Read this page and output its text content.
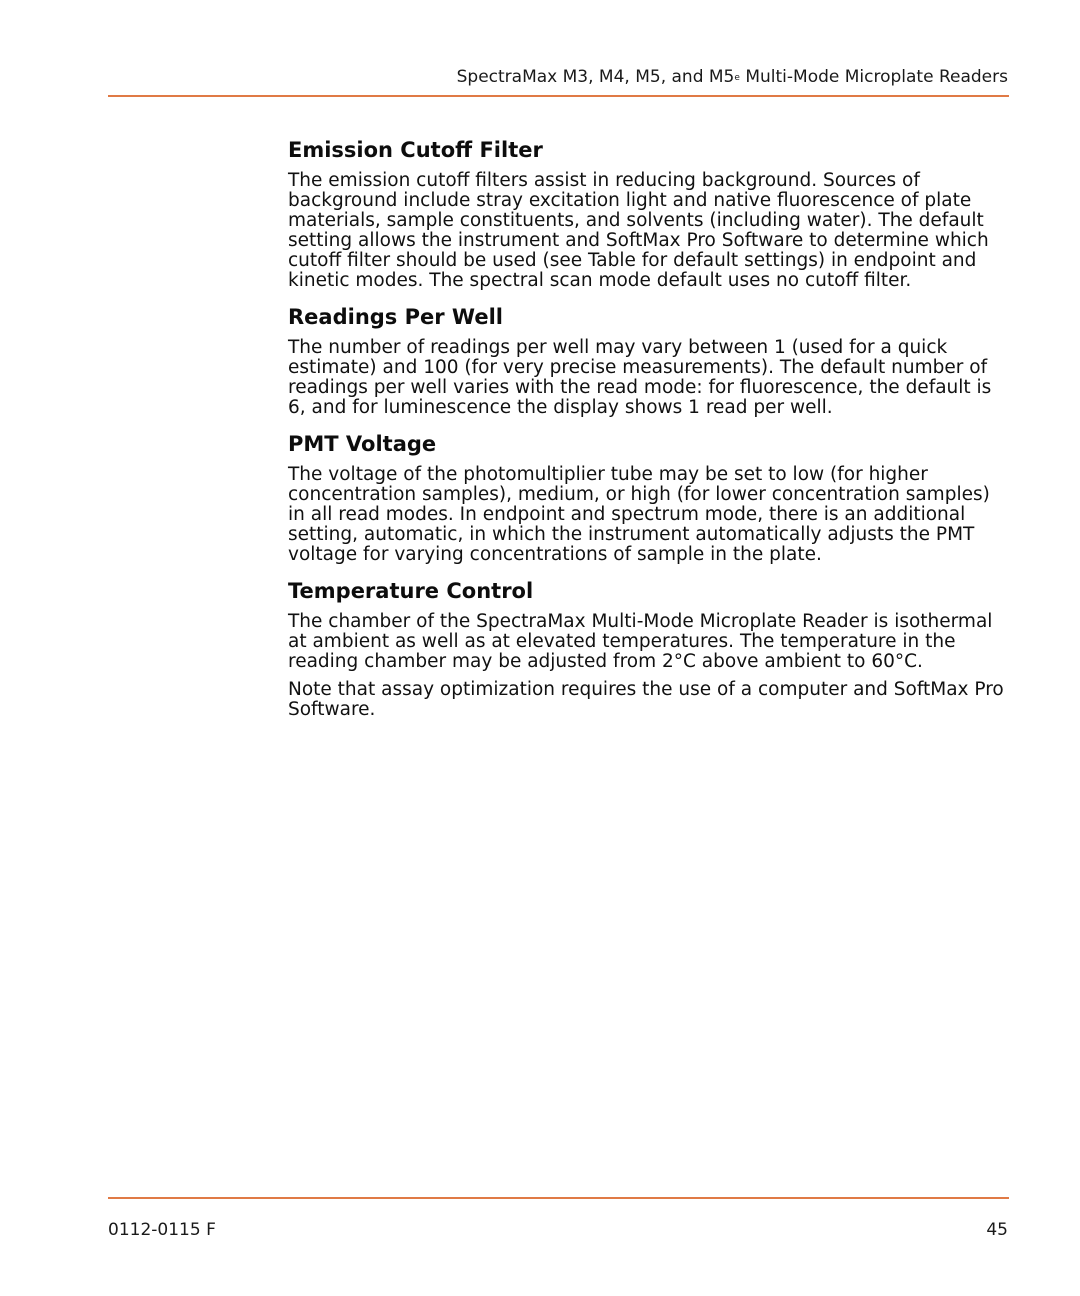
SpectraMax M3, M4, M5, and M5e Multi-Mode Microplate Readers
Emission Cutoff Filter

The emission cutoff filters assist in reducing background. Sources of background include stray excitation light and native fluorescence of plate materials, sample constituents, and solvents (including water). The default setting allows the instrument and SoftMax Pro Software to determine which cutoff filter should be used (see Table for default settings) in endpoint and kinetic modes. The spectral scan mode default uses no cutoff filter.

Readings Per Well

The number of readings per well may vary between 1 (used for a quick estimate) and 100 (for very precise measurements). The default number of readings per well varies with the read mode: for fluorescence, the default is 6, and for luminescence the display shows 1 read per well.

PMT Voltage

The voltage of the photomultiplier tube may be set to low (for higher concentration samples), medium, or high (for lower concentration samples) in all read modes. In endpoint and spectrum mode, there is an additional setting, automatic, in which the instrument automatically adjusts the PMT voltage for varying concentrations of sample in the plate.

Temperature Control

The chamber of the SpectraMax Multi-Mode Microplate Reader is isothermal at ambient as well as at elevated temperatures. The temperature in the reading chamber may be adjusted from 2°C above ambient to 60°C.

Note that assay optimization requires the use of a computer and SoftMax Pro Software.

0112-0115 F	45
